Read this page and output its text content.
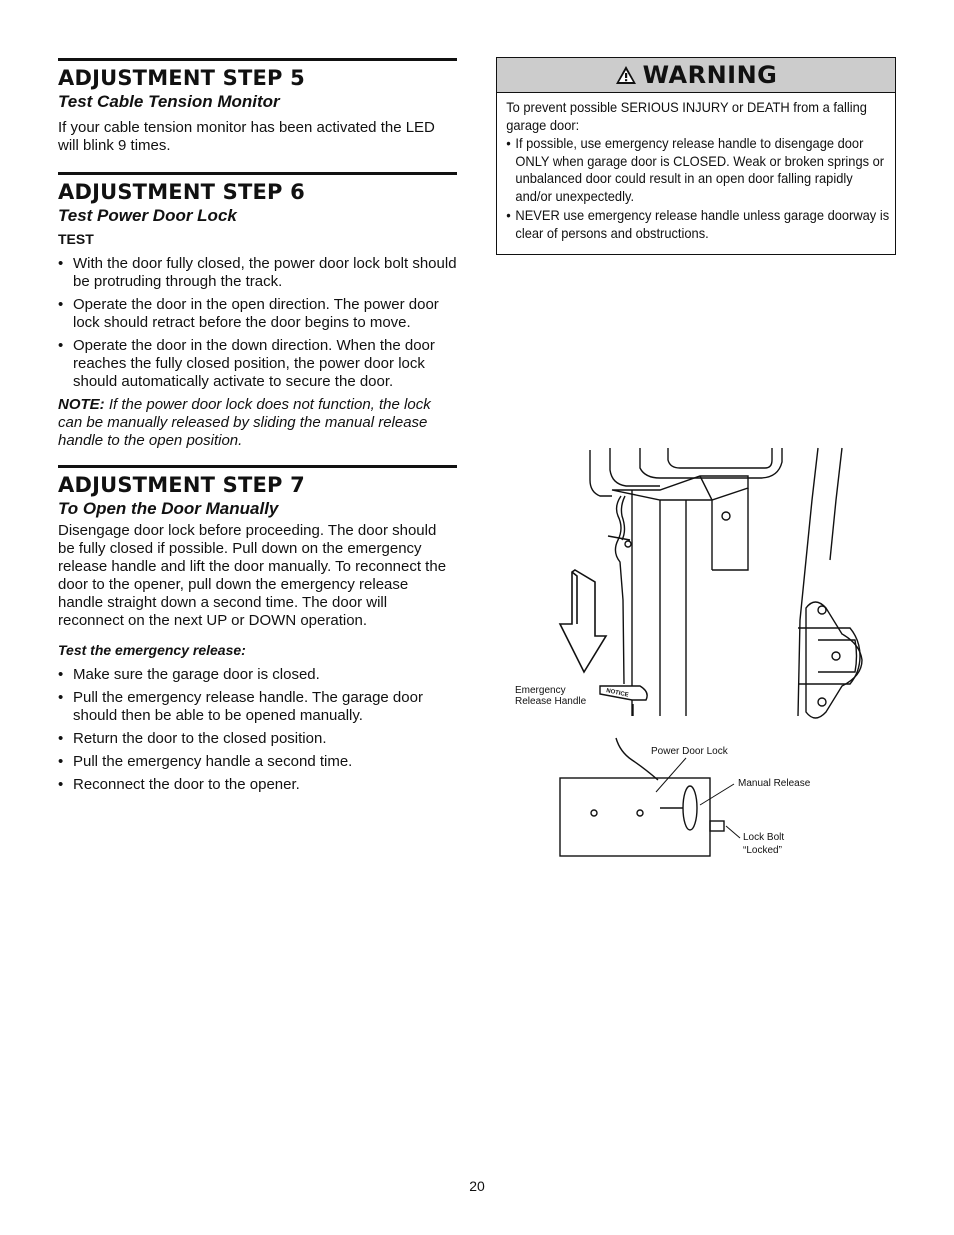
ADJUSTMENT STEP 5
Test Cable Tension Monitor

If your cable tension monitor has been activated the LED will blink 9 times.

ADJUSTMENT STEP 6
Test Power Door Lock
TEST
• With the door fully closed, the power door lock bolt should be protruding through the track.
• Operate the door in the open direction. The power door lock should retract before the door begins to move.
• Operate the door in the down direction. When the door reaches the fully closed position, the power door lock should automatically activate to secure the door.

NOTE: If the power door lock does not function, the lock can be manually released by sliding the manual release handle to the open position.

ADJUSTMENT STEP 7
To Open the Door Manually

Disengage door lock before proceeding. The door should be fully closed if possible. Pull down on the emergency release handle and lift the door manually. To reconnect the door to the opener, pull down the emergency release handle straight down a second time. The door will reconnect on the next UP or DOWN operation.

Test the emergency release:
• Make sure the garage door is closed.
• Pull the emergency release handle. The garage door should then be able to be opened manually.
• Return the door to the closed position.
• Pull the emergency handle a second time.
• Reconnect the door to the opener.
WARNING
To prevent possible SERIOUS INJURY or DEATH from a falling garage door:
• If possible, use emergency release handle to disengage door ONLY when garage door is CLOSED. Weak or broken springs or unbalanced door could result in an open door falling rapidly and/or unexpectedly.
• NEVER use emergency release handle unless garage doorway is clear of persons and obstructions.
NOTICE
Emergency
Release Handle
Power Door Lock
Manual Release
Lock Bolt
“Locked”
20
